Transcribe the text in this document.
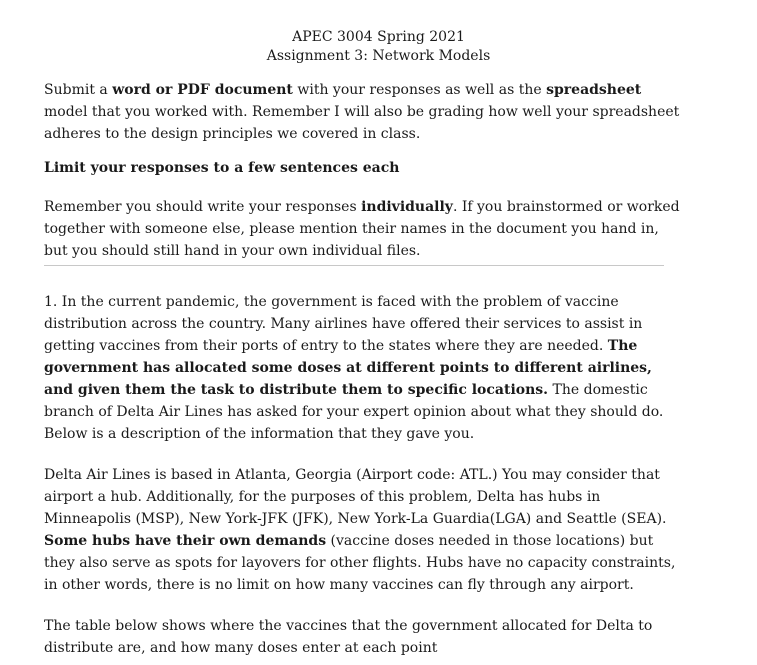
APEC 3004 Spring 2021
Assignment 3: Network Models

Submit a word or PDF document with your responses as well as the spreadsheet model that you worked with. Remember I will also be grading how well your spreadsheet adheres to the design principles we covered in class.

Limit your responses to a few sentences each

Remember you should write your responses individually. If you brainstormed or worked together with someone else, please mention their names in the document you hand in, but you should still hand in your own individual files.

1. In the current pandemic, the government is faced with the problem of vaccine distribution across the country. Many airlines have offered their services to assist in getting vaccines from their ports of entry to the states where they are needed. The government has allocated some doses at different points to different airlines, and given them the task to distribute them to specific locations. The domestic branch of Delta Air Lines has asked for your expert opinion about what they should do. Below is a description of the information that they gave you.

Delta Air Lines is based in Atlanta, Georgia (Airport code: ATL.) You may consider that airport a hub. Additionally, for the purposes of this problem, Delta has hubs in Minneapolis (MSP), New York-JFK (JFK), New York-La Guardia(LGA) and Seattle (SEA). Some hubs have their own demands (vaccine doses needed in those locations) but they also serve as spots for layovers for other flights. Hubs have no capacity constraints, in other words, there is no limit on how many vaccines can fly through any airport.

The table below shows where the vaccines that the government allocated for Delta to distribute are, and how many doses enter at each point
